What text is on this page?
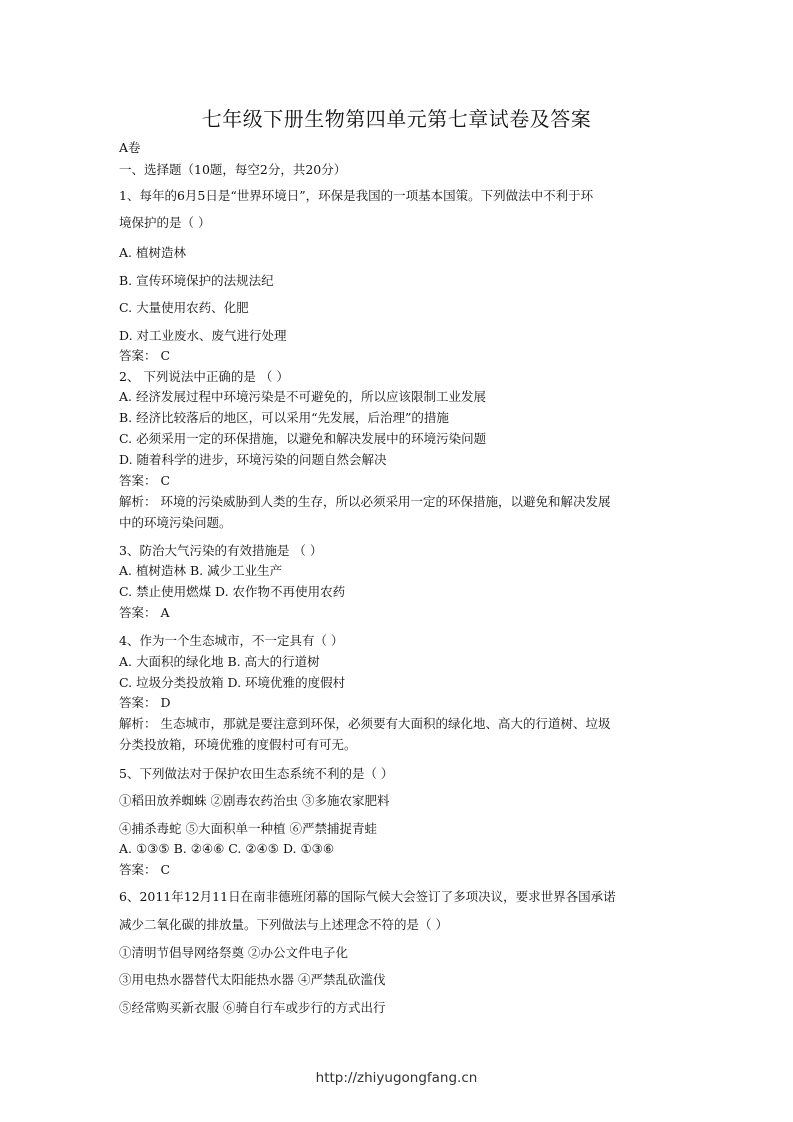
七年级下册生物第四单元第七章试卷及答案
A卷
一、选择题（10题，每空2分，共20分）
1、每年的6月5日是“世界环境日”，环保是我国的一项基本国策。下列做法中不利于环
境保护的是（ ）
A. 植树造林
B. 宣传环境保护的法规法纪
C. 大量使用农药、化肥
D. 对工业废水、废气进行处理
答案： C
2、 下列说法中正确的是 （ ）
A. 经济发展过程中环境污染是不可避免的，所以应该限制工业发展
B. 经济比较落后的地区，可以采用“先发展，后治理”的措施
C. 必须采用一定的环保措施，以避免和解决发展中的环境污染问题
D. 随着科学的进步，环境污染的问题自然会解决
答案： C
解析： 环境的污染威胁到人类的生存，所以必须采用一定的环保措施，以避免和解决发展
中的环境污染问题。
3、防治大气污染的有效措施是 （ ）
A. 植树造林 B. 减少工业生产
C. 禁止使用燃煤 D. 农作物不再使用农药
答案： A
4、作为一个生态城市，不一定具有（ ）
A. 大面积的绿化地 B. 高大的行道树
C. 垃圾分类投放箱 D. 环境优雅的度假村
答案： D
解析： 生态城市，那就是要注意到环保，必须要有大面积的绿化地、高大的行道树、垃圾
分类投放箱，环境优雅的度假村可有可无。
5、下列做法对于保护农田生态系统不利的是（ ）
①稻田放养蜘蛛 ②剧毒农药治虫 ③多施农家肥料
④捕杀毒蛇 ⑤大面积单一种植 ⑥严禁捕捉青蛙
A. ①③⑤ B. ②④⑥ C. ②④⑤ D. ①③⑥
答案： C
6、2011年12月11日在南非德班闭幕的国际气候大会签订了多项决议，要求世界各国承诺
减少二氧化碳的排放量。下列做法与上述理念不符的是（ ）
①清明节倡导网络祭奠 ②办公文件电子化
③用电热水器替代太阳能热水器 ④严禁乱砍滥伐
⑤经常购买新衣服 ⑥骑自行车或步行的方式出行
http://zhiyugongfang.cn
